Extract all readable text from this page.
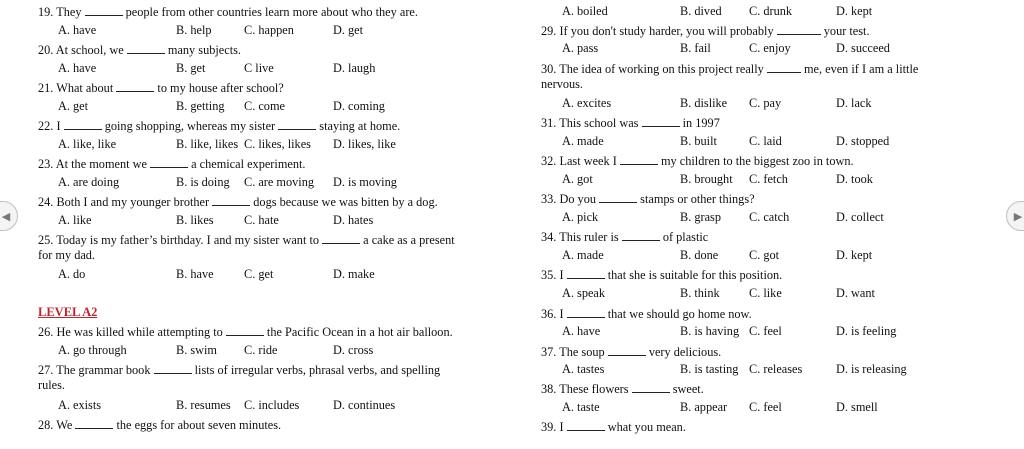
◀	▶
19. They	people from other countries learn more about who they are.
A. have	B. help	C. happen	D. get
20. At school, we	many subjects.
A. have	B. get	C live	D. laugh
21. What about	to my house after school?
A. get	B. getting C. come	D. coming
22. I	going shopping, whereas my sister	staying at home.
A. like, like	B. like, likes C. likes, likes D. likes, like
23. At the moment we	a chemical experiment.
A. are doing	B. is doing C. are moving D. is moving
24. Both I and my younger brother	dogs because we was bitten by a dog.
A. like	B. likes C. hate	D. hates
25. Today is my father’s birthday. I and my sister want to	a cake as a present
for my dad.
A. do	B. have C. get	D. make
LEVEL A2
26. He was killed while attempting to	the Pacific Ocean in a hot air balloon.
A. go through	B. swim C. ride	D. cross
27. The grammar book	lists of irregular verbs, phrasal verbs, and spelling
rules.
A. exists	B. resumes C. includes	D. continues
28. We	the eggs for about seven minutes.
A. boiled	B. dived C. drunk	D. kept
29. If you don't study harder, you will probably	your test.
A. pass	B. fail	C. enjoy	D. succeed
30. The idea of working on this project really	me, even if I am a little
nervous.
A. excites	B. dislike C. pay	D. lack
31. This school was	in 1997
A. made	B. built	C. laid	D. stopped
32. Last week I	my children to the biggest zoo in town.
A. got	B. brought C. fetch	D. took
33. Do you	stamps or other things?
A. pick	B. grasp C. catch	D. collect
34. This ruler is	of plastic
A. made	B. done C. got	D. kept
35. I	that she is suitable for this position.
A. speak	B. think C. like	D. want
36. I	that we should go home now.
A. have	B. is having C. feel	D. is feeling
37. The soup	very delicious.
A. tastes	B. is tasting C. releases	D. is releasing
38. These flowers	sweet.
A. taste	B. appear C. feel	D. smell
39. I	what you mean.
